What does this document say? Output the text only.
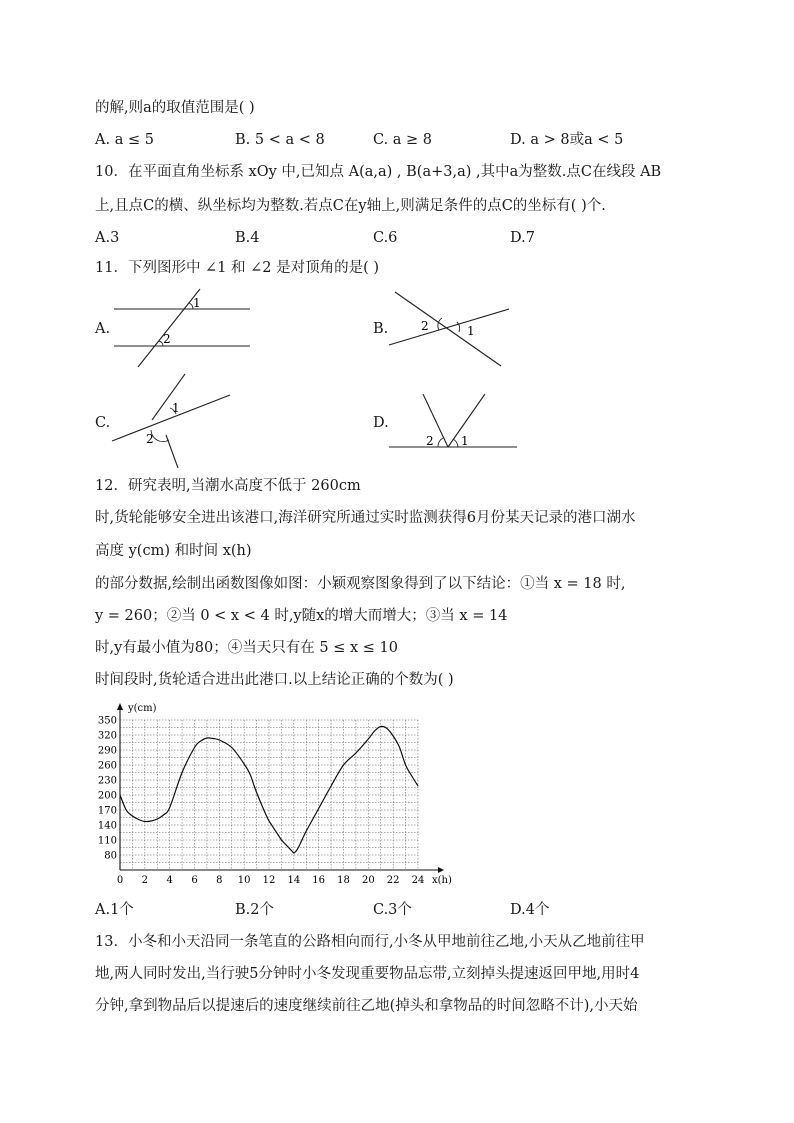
的解,则a的取值范围是( )
A. a ≤ 5	B. 5 < a < 8	C. a ≥ 8	D. a > 8或a < 5
10．在平面直角坐标系 xOy 中,已知点 A(a,a) , B(a+3,a) ,其中a为整数.点C在线段 AB
上,且点C的横、纵坐标均为整数.若点C在y轴上,则满足条件的点C的坐标有( )个.
A.3	B.4	C.6	D.7
11．下列图形中 ∠1 和 ∠2 是对顶角的是( )
A.
1
2
B.	2	1
C.
1
2
D.
2 1
12．研究表明,当潮水高度不低于 260cm
时,货轮能够安全进出该港口,海洋研究所通过实时监测获得6月份某天记录的港口湖水
高度 y(cm) 和时间 x(h)
的部分数据,绘制出函数图像如图：小颖观察图象得到了以下结论：①当 x = 18 时,
y = 260；②当 0 < x < 4 时,y随x的增大而增大；③当 x = 14
时,y有最小值为80；④当天只有在 5 ≤ x ≤ 10
时间段时,货轮适合进出此港口.以上结论正确的个数为( )
0 2 4 6 8 10 12 14 16 18 20 22 24
80
110
140
170
200
230
260
290
320
350
y(cm)
x(h)
A.1个	B.2个	C.3个	D.4个
13．小冬和小天沿同一条笔直的公路相向而行,小冬从甲地前往乙地,小天从乙地前往甲
地,两人同时发出,当行驶5分钟时小冬发现重要物品忘带,立刻掉头提速返回甲地,用时4
分钟,拿到物品后以提速后的速度继续前往乙地(掉头和拿物品的时间忽略不计),小天始
